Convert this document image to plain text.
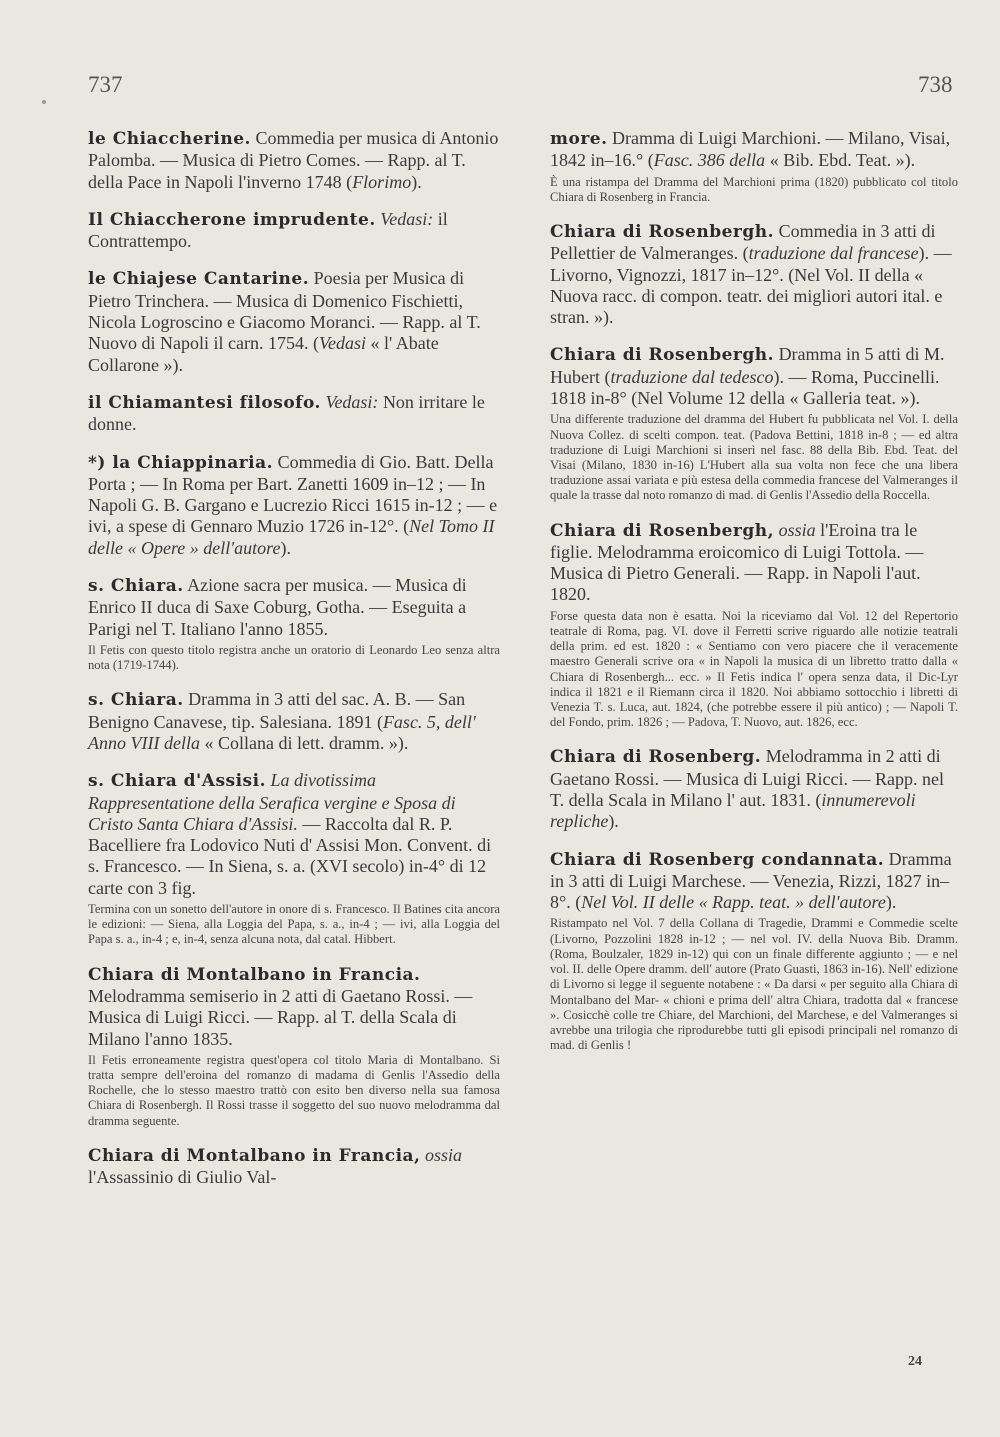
737	738

le Chiaccherine. Commedia per musica di Antonio Palomba. — Musica di Pietro Comes. — Rapp. al T. della Pace in Napoli l'inverno 1748 (Florimo).

Il Chiaccherone imprudente. Vedasi: il Contrattempo.

le Chiajese Cantarine. Poesia per Musica di Pietro Trinchera. — Musica di Domenico Fischietti, Nicola Logroscino e Giacomo Moranci. — Rapp. al T. Nuovo di Napoli il carn. 1754. (Vedasi « l' Abate Collarone »).

il Chiamantesi filosofo. Vedasi: Non irritare le donne.

*) la Chiappinaria. Commedia di Gio. Batt. Della Porta ; — In Roma per Bart. Zanetti 1609 in–12 ; — In Napoli G. B. Gargano e Lucrezio Ricci 1615 in-12 ; — e ivi, a spese di Gennaro Muzio 1726 in-12°. (Nel Tomo II delle « Opere » dell'autore).

s. Chiara. Azione sacra per musica. — Musica di Enrico II duca di Saxe Coburg, Gotha. — Eseguita a Parigi nel T. Italiano l'anno 1855.

Il Fetis con questo titolo registra anche un oratorio di Leonardo Leo senza altra nota (1719-1744).

s. Chiara. Dramma in 3 atti del sac. A. B. — San Benigno Canavese, tip. Salesiana. 1891 (Fasc. 5, dell' Anno VIII della « Collana di lett. dramm. »).

s. Chiara d'Assisi. La divotissima Rappresentatione della Serafica vergine e Sposa di Cristo Santa Chiara d'Assisi. — Raccolta dal R. P. Bacelliere fra Lodovico Nuti d' Assisi Mon. Convent. di s. Francesco. — In Siena, s. a. (XVI secolo) in-4° di 12 carte con 3 fig.

Termina con un sonetto dell'autore in onore di s. Francesco. Il Batines cita ancora le edizioni: — Siena, alla Loggia del Papa, s. a., in-4 ; — ivi, alla Loggia del Papa s. a., in-4 ; e, in-4, senza alcuna nota, dal catal. Hibbert.

Chiara di Montalbano in Francia. Melodramma semiserio in 2 atti di Gaetano Rossi. — Musica di Luigi Ricci. — Rapp. al T. della Scala di Milano l'anno 1835.

Il Fetis erroneamente registra quest'opera col titolo Maria di Montalbano. Si tratta sempre dell'eroina del romanzo di madama di Genlis l'Assedio della Rochelle, che lo stesso maestro trattò con esito ben diverso nella sua famosa Chiara di Rosenbergh. Il Rossi trasse il soggetto del suo nuovo melodramma dal dramma seguente.

Chiara di Montalbano in Francia, ossia l'Assassinio di Giulio Val-

more. Dramma di Luigi Marchioni. — Milano, Visai, 1842 in–16.° (Fasc. 386 della « Bib. Ebd. Teat. »).

È una ristampa del Dramma del Marchioni prima (1820) pubblicato col titolo Chiara di Rosenberg in Francia.

Chiara di Rosenbergh. Commedia in 3 atti di Pellettier de Valmeranges. (traduzione dal francese). — Livorno, Vignozzi, 1817 in–12°. (Nel Vol. II della « Nuova racc. di compon. teatr. dei migliori autori ital. e stran. »).

Chiara di Rosenbergh. Dramma in 5 atti di M. Hubert (traduzione dal tedesco). — Roma, Puccinelli. 1818 in-8° (Nel Volume 12 della « Galleria teat. »).

Una differente traduzione del dramma del Hubert fu pubblicata nel Vol. I. della Nuova Collez. di scelti compon. teat. (Padova Bettini, 1818 in-8 ; — ed altra traduzione di Luigi Marchioni si inserì nel fasc. 88 della Bib. Ebd. Teat. del Visai (Milano, 1830 in-16) L'Hubert alla sua volta non fece che una libera traduzione assai variata e più estesa della commedia francese del Valmeranges il quale la trasse dal noto romanzo di mad. di Genlis l'Assedio della Roccella.

Chiara di Rosenbergh, ossia l'Eroina tra le figlie. Melodramma eroicomico di Luigi Tottola. — Musica di Pietro Generali. — Rapp. in Napoli l'aut. 1820.

Forse questa data non è esatta. Noi la riceviamo dal Vol. 12 del Repertorio teatrale di Roma, pag. VI. dove il Ferretti scrive riguardo alle notizie teatrali della prim. ed est. 1820 : « Sentiamo con vero piacere che il veracemente maestro Generali scrive ora « in Napoli la musica di un libretto tratto dalla « Chiara di Rosenbergh... ecc. » Il Fetis indica l' opera senza data, il Dic-Lyr indica il 1821 e il Riemann circa il 1820. Noi abbiamo sottocchio i libretti di Venezia T. s. Luca, aut. 1824, (che potrebbe essere il più antico) ; — Napoli T. del Fondo, prim. 1826 ; — Padova, T. Nuovo, aut. 1826, ecc.

Chiara di Rosenberg. Melodramma in 2 atti di Gaetano Rossi. — Musica di Luigi Ricci. — Rapp. nel T. della Scala in Milano l' aut. 1831. (innumerevoli repliche).

Chiara di Rosenberg condannata. Dramma in 3 atti di Luigi Marchese. — Venezia, Rizzi, 1827 in–8°. (Nel Vol. II delle « Rapp. teat. » dell'autore).

Ristampato nel Vol. 7 della Collana di Tragedie, Drammi e Commedie scelte (Livorno, Pozzolini 1828 in-12 ; — nel vol. IV. della Nuova Bib. Dramm. (Roma, Boulzaler, 1829 in-12) qui con un finale differente aggiunto ; — e nel vol. II. delle Opere dramm. dell' autore (Prato Guasti, 1863 in-16). Nell' edizione di Livorno si legge il seguente notabene : « Da darsi « per seguito alla Chiara di Montalbano del Mar- « chioni e prima dell' altra Chiara, tradotta dal « francese ». Cosicchè colle tre Chiare, del Marchioni, del Marchese, e del Valmeranges si avrebbe una trilogia che riprodurebbe tutti gli episodi principali nel romanzo di mad. di Genlis !

24
